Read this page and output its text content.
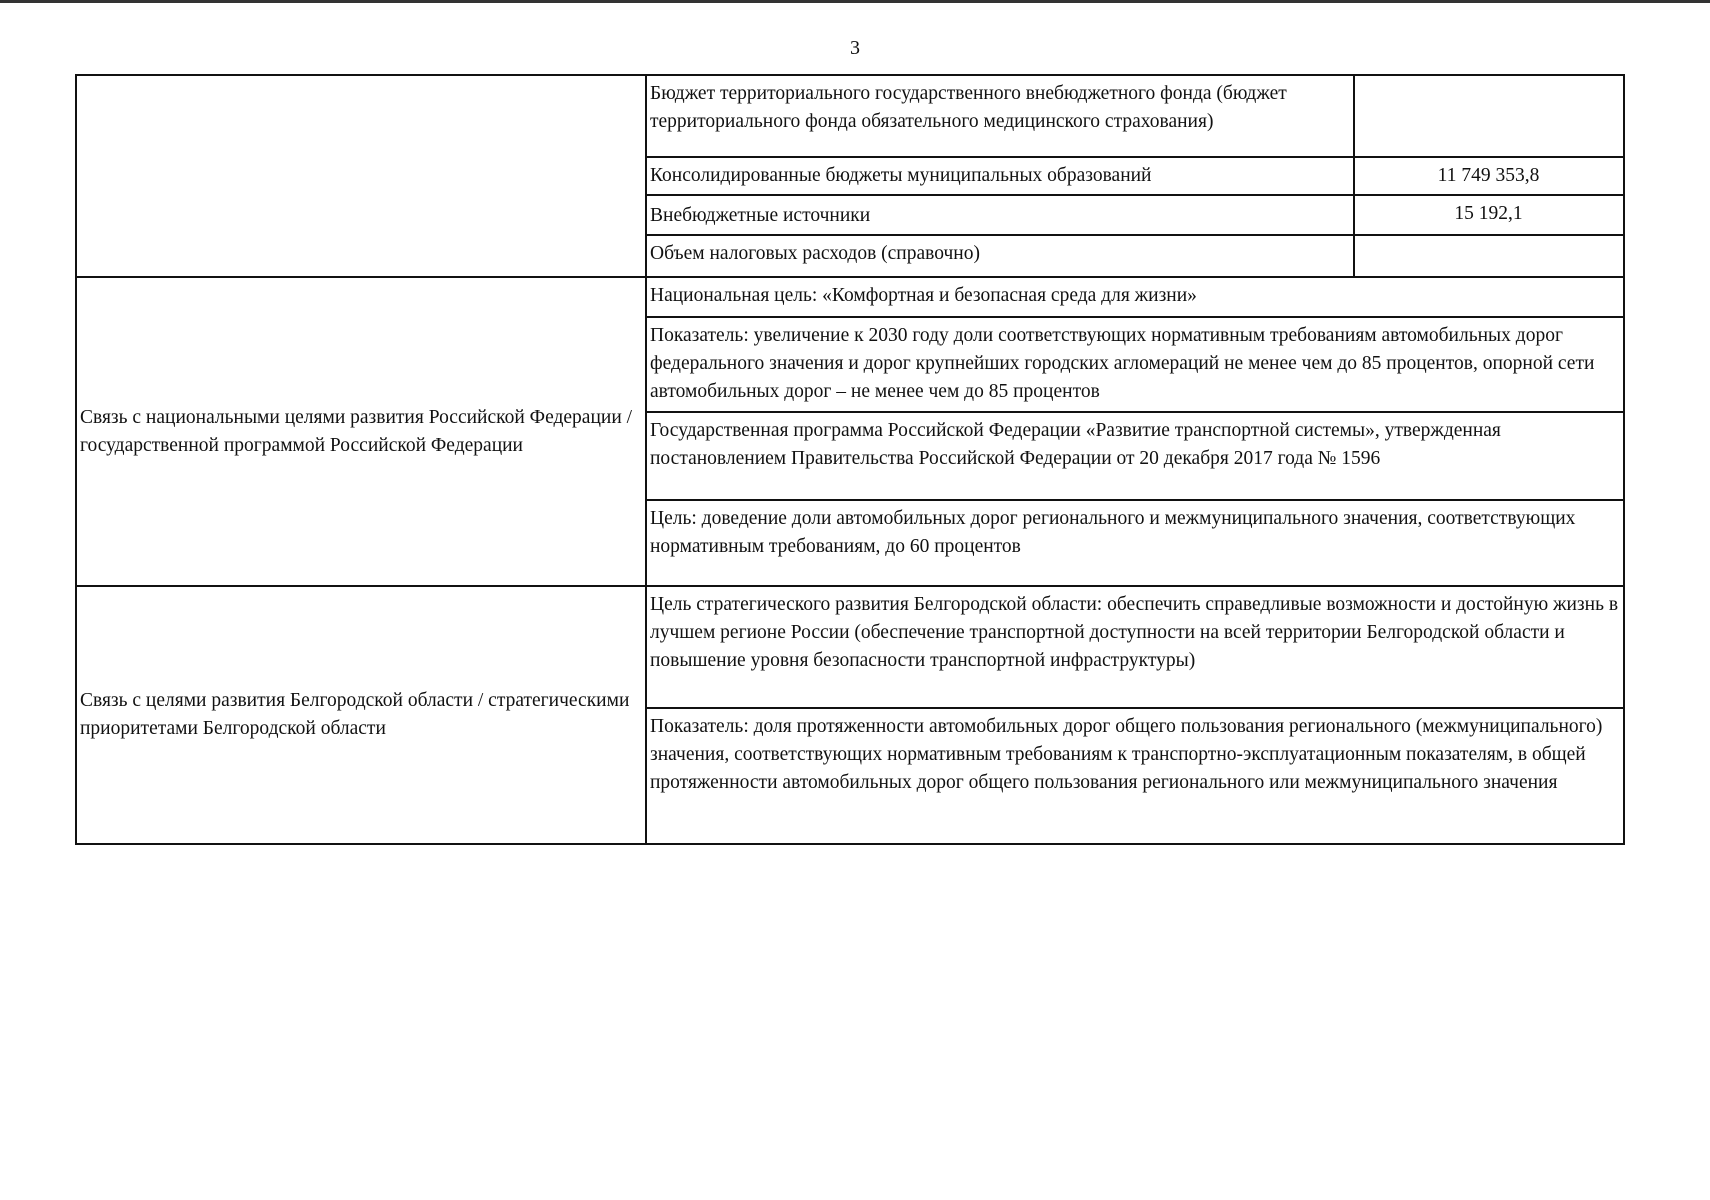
3
	Бюджет территориального государственного внебюджетного фонда (бюджет территориального фонда обязательного медицинского страхования)	
	Консолидированные бюджеты муниципальных образований	11 749 353,8
	Внебюджетные источники	15 192,1
	Объем налоговых расходов (справочно)	
Связь с национальными целями развития Российской Федерации / государственной программой Российской Федерации	Национальная цель: «Комфортная и безопасная среда для жизни»	
	Показатель: увеличение к 2030 году доли соответствующих нормативным требованиям автомобильных дорог федерального значения и дорог крупнейших городских агломераций не менее чем до 85 процентов, опорной сети автомобильных дорог – не менее чем до 85 процентов	
	Государственная программа Российской Федерации «Развитие транспортной системы», утвержденная постановлением Правительства Российской Федерации от 20 декабря 2017 года № 1596	
	Цель: доведение доли автомобильных дорог регионального и межмуниципального значения, соответствующих нормативным требованиям, до 60 процентов	
Связь с целями развития Белгородской области / стратегическими приоритетами Белгородской области	Цель стратегического развития Белгородской области: обеспечить справедливые возможности и достойную жизнь в лучшем регионе России (обеспечение транспортной доступности на всей территории Белгородской области и повышение уровня безопасности транспортной инфраструктуры)	
	Показатель: доля протяженности автомобильных дорог общего пользования регионального (межмуниципального) значения, соответствующих нормативным требованиям к транспортно-эксплуатационным показателям, в общей протяженности автомобильных дорог общего пользования регионального или межмуниципального значения	
